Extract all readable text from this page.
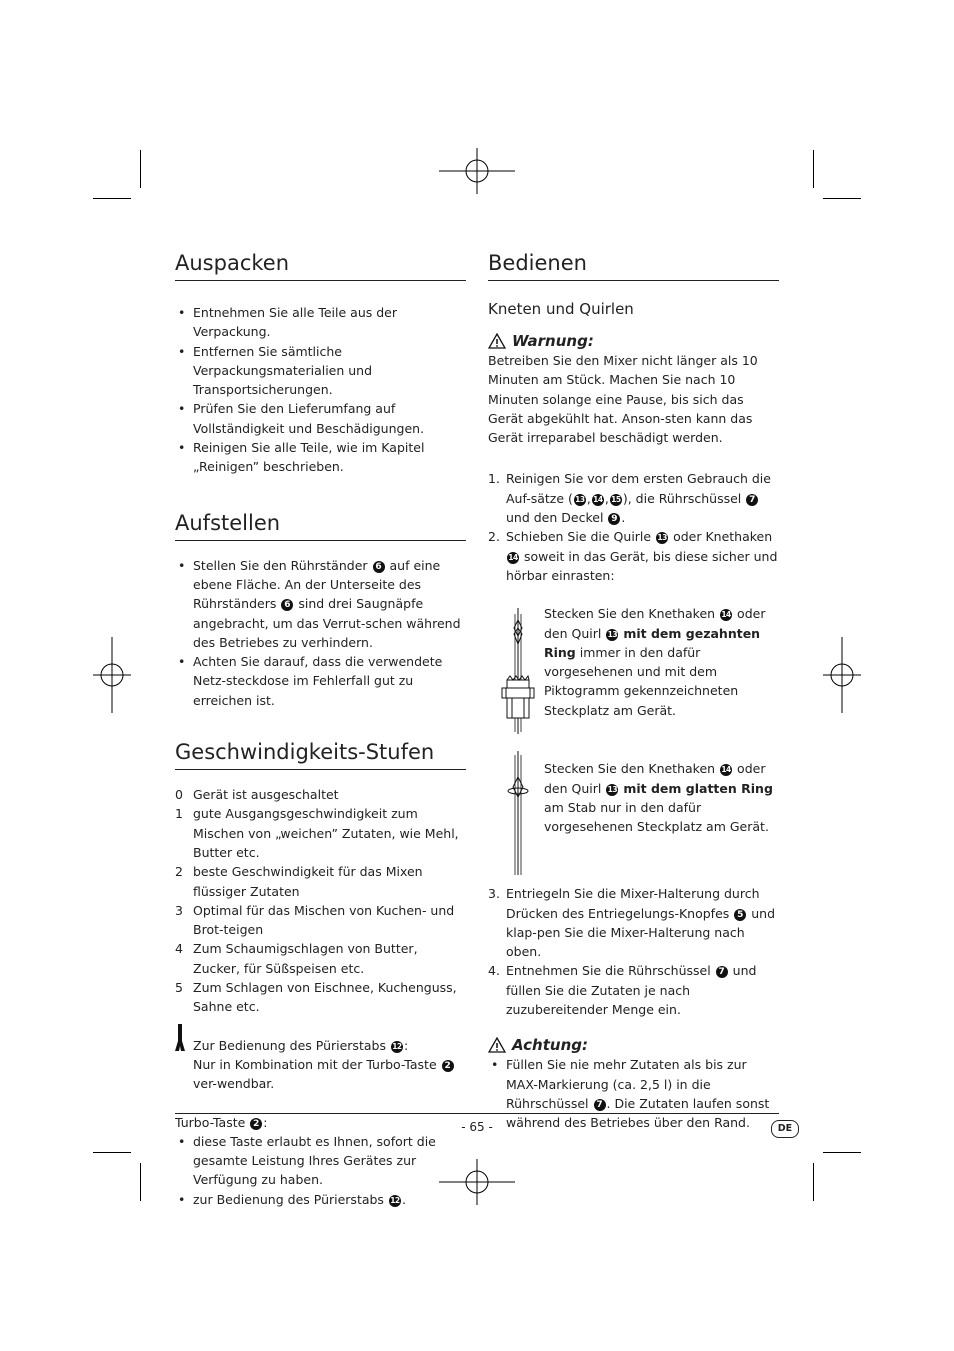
Auspacken
• Entnehmen Sie alle Teile aus der Verpackung.
• Entfernen Sie sämtliche Verpackungsmaterialien und Transportsicherungen.
• Prüfen Sie den Lieferumfang auf Vollständigkeit und Beschädigungen.
• Reinigen Sie alle Teile, wie im Kapitel „Reinigen” beschrieben.
Aufstellen
• Stellen Sie den Rührständer 6 auf eine ebene Fläche. An der Unterseite des Rührständers 6 sind drei Saugnäpfe angebracht, um das Verrut-schen während des Betriebes zu verhindern.
• Achten Sie darauf, dass die verwendete Netz-steckdose im Fehlerfall gut zu erreichen ist.
Geschwindigkeits-Stufen
0 Gerät ist ausgeschaltet
1 gute Ausgangsgeschwindigkeit zum Mischen von „weichen” Zutaten, wie Mehl, Butter etc.
2 beste Geschwindigkeit für das Mixen flüssiger Zutaten
3 Optimal für das Mischen von Kuchen- und Brot-teigen
4 Zum Schaumigschlagen von Butter, Zucker, für Süßspeisen etc.
5 Zum Schlagen von Eischnee, Kuchenguss, Sahne etc.
Zur Bedienung des Pürierstabs 12 :
Nur in Kombination mit der Turbo-Taste 2 ver-wendbar.
Turbo-Taste 2 :
• diese Taste erlaubt es Ihnen, sofort die gesamte Leistung Ihres Gerätes zur Verfügung zu haben.
• zur Bedienung des Pürierstabs 12 .
Bedienen
Kneten und Quirlen
Warnung:
Betreiben Sie den Mixer nicht länger als 10 Minuten am Stück. Machen Sie nach 10 Minuten solange eine Pause, bis sich das Gerät abgekühlt hat. Anson-sten kann das Gerät irreparabel beschädigt werden.
1. Reinigen Sie vor dem ersten Gebrauch die Auf-sätze ( 13 , 14 , 15 ), die Rührschüssel 7 und den Deckel 9 .
2. Schieben Sie die Quirle 13 oder Knethaken 14 soweit in das Gerät, bis diese sicher und hörbar einrasten:
Stecken Sie den Knethaken 14 oder den Quirl 13 mit dem gezahnten Ring immer in den dafür vorgesehenen und mit dem Piktogramm gekennzeichneten Steckplatz am Gerät.
Stecken Sie den Knethaken 14 oder den Quirl 13 mit dem glatten Ring am Stab nur in den dafür vorgesehenen Steckplatz am Gerät.
3. Entriegeln Sie die Mixer-Halterung durch Drücken des Entriegelungs-Knopfes 5 und klap-pen Sie die Mixer-Halterung nach oben.
4. Entnehmen Sie die Rührschüssel 7 und füllen Sie die Zutaten je nach zuzubereitender Menge ein.
Achtung:
• Füllen Sie nie mehr Zutaten als bis zur MAX-Markierung (ca. 2,5 l) in die Rührschüssel 7 . Die Zutaten laufen sonst während des Betriebes über den Rand.
- 65 -	DE
